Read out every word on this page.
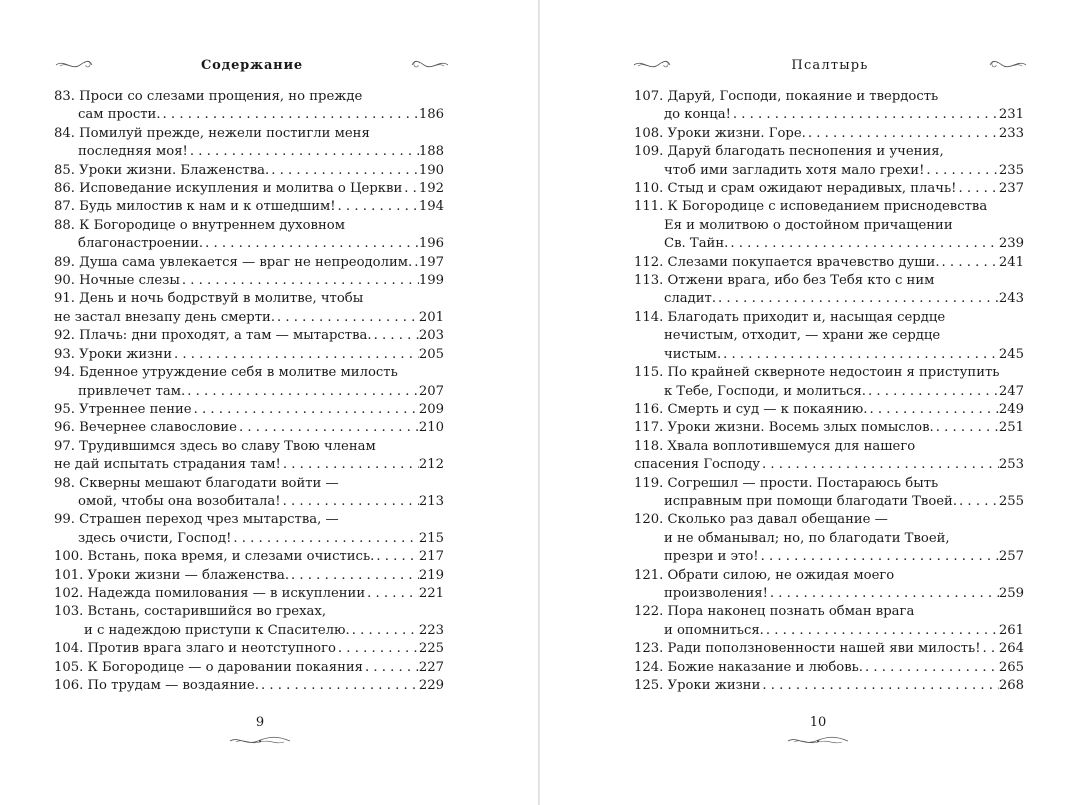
Содержание
83. Проси со слезами прощения, но прежде
сам прости. . . .	186
84. Помилуй прежде, нежели постигли меня
последняя моя! . . .	188
85. Уроки жизни. Блаженства. . . .	190
86. Исповедание искупления и молитва о Церкви . . . 192
87. Будь милостив к нам и к отшедшим! . . .	194
88. К Богородице о внутреннем духовном
благонастроении. . . .	196
89. Душа сама увлекается — враг не непреодолим. . . . 197
90. Ночные слезы . . .	199
91. День и ночь бодрствуй в молитве, чтобы
не застал внезапу день смерти. . . .	201
92. Плачь: дни проходят, а там — мытарства. . . .	203
93. Уроки жизни . . .	205
94. Бденное утруждение себя в молитве милость
привлечет там. . . .	207
95. Утреннее пение . . .	209
96. Вечернее славословие . . .	210
97. Трудившимся здесь во славу Твою членам
не дай испытать страдания там! . . .	212
98. Скверны мешают благодати войти —
омой, чтобы она возобитала! . . .	213
99. Страшен переход чрез мытарства, —
здесь очисти, Господ! . . .	215
100. Встань, пока время, и слезами очистись. . . .	217
101. Уроки жизни — блаженства. . . .	219
102. Надежда помилования — в искуплении . . .	221
103. Встань, состарившийся во грехах,
и с надеждою приступи к Спасителю. . . .	223
104. Против врага злаго и неотступного . . .	225
105. К Богородице — о даровании покаяния . . .	227
106. По трудам — воздаяние. . . .	229
9
Псалтырь
107. Даруй, Господи, покаяние и твердость
до конца! . . .	231
108. Уроки жизни. Горе. . . .	233
109. Даруй благодать песнопения и учения,
чтоб ими загладить хотя мало грехи! . . .	235
110. Стыд и срам ожидают нерадивых, плачь! . . .	237
111. К Богородице с исповеданием приснодевства
Ея и молитвою о достойном причащении
Св. Тайн. . . .	239
112. Слезами покупается врачевство души. . . .	241
113. Отжени врага, ибо без Тебя кто с ним
сладит. . . .	243
114. Благодать приходит и, насыщая сердце
нечистым, отходит, — храни же сердце
чистым. . . .	245
115. По крайней скверноте недостоин я приступить
к Тебе, Господи, и молиться. . . .	247
116. Смерть и суд — к покаянию. . . .	249
117. Уроки жизни. Восемь злых помыслов. . . .	251
118. Хвала воплотившемуся для нашего
спасения Господу . . .	253
119. Согрешил — прости. Постараюсь быть
исправным при помощи благодати Твоей. . . .	255
120. Сколько раз давал обещание —
и не обманывал; но, по благодати Твоей,
презри и это! . . .	257
121. Обрати силою, не ожидая моего
произволения! . . .	259
122. Пора наконец познать обман врага
и опомниться. . . .	261
123. Ради поползновенности нашей яви милость! . . . 264
124. Божие наказание и любовь. . . .	265
125. Уроки жизни . . .	268
10
